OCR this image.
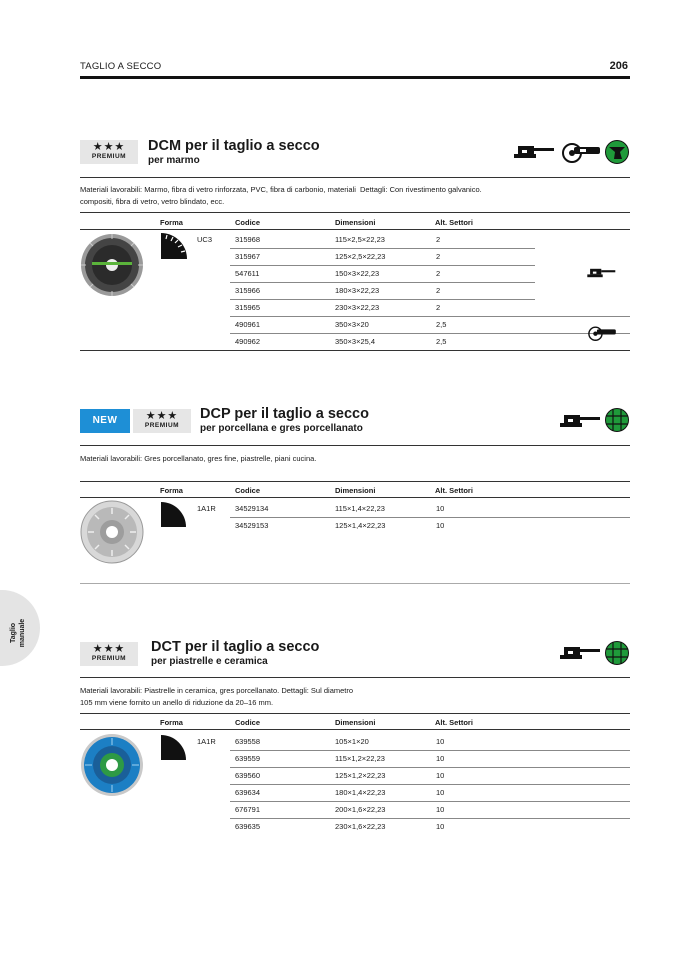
TAGLIO A SECCO	206
Taglio manuale
★★★
PREMIUM
DCM per il taglio a secco
per marmo
Materiali lavorabili: Marmo, fibra di vetro rinforzata, PVC, fibra di carbonio, materiali compositi, fibra di vetro, vetro blindato, ecc.
Dettagli: Con rivestimento galvanico.
Forma	Codice	Dimensioni	Alt. Settori
UC3	315968	115×2,5×22,23	2
315967	125×2,5×22,23	2
547611	150×3×22,23	2
315966	180×3×22,23	2
315965	230×3×22,23	2
490961	350×3×20	2,5
490962	350×3×25,4	2,5
NEW	★★★
PREMIUM
DCP per il taglio a secco
per porcellana e gres porcellanato
Materiali lavorabili: Gres porcellanato, gres fine, piastrelle, piani cucina.
Forma	Codice	Dimensioni	Alt. Settori
1A1R	34529134	115×1,4×22,23	10
34529153	125×1,4×22,23	10
★★★
PREMIUM
DCT per il taglio a secco
per piastrelle e ceramica
Materiali lavorabili: Piastrelle in ceramica, gres porcellanato. Dettagli: Sul diametro 105 mm viene fornito un anello di riduzione da 20–16 mm.
Forma	Codice	Dimensioni	Alt. Settori
1A1R	639558	105×1×20	10
639559	115×1,2×22,23	10
639560	125×1,2×22,23	10
639634	180×1,4×22,23	10
676791	200×1,6×22,23	10
639635	230×1,6×22,23	10
